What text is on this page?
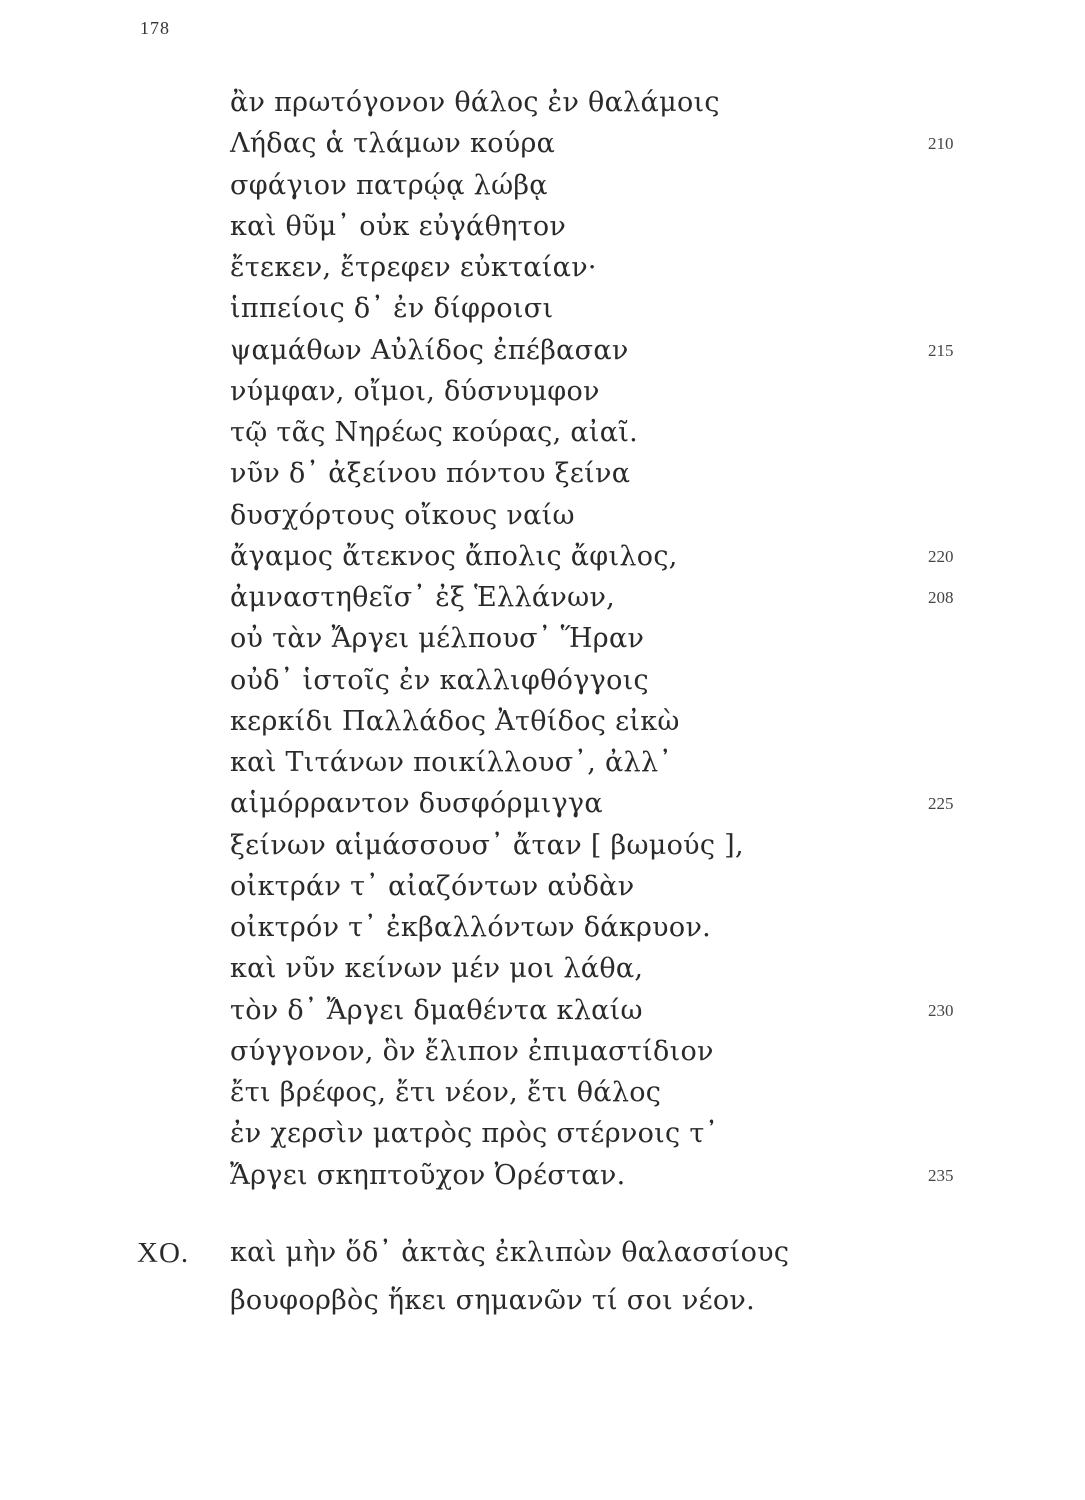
178
ἂν πρωτόγονον θάλος ἐν θαλάμοις
Λήδας ἁ τλάμων κούρα	210
σφάγιον πατρῴᾳ λώβᾳ
καὶ θῦμ᾽ οὐκ εὐγάθητον
ἔτεκεν, ἔτρεφεν εὐκταίαν·
ἱππείοις δ᾽ ἐν δίφροισι
ψαμάθων Αὐλίδος ἐπέβασαν	215
νύμφαν, οἴμοι, δύσνυμφον
τῷ τᾶς Νηρέως κούρας, αἰαῖ.
νῦν δ᾽ ἀξείνου πόντου ξείνα
δυσχόρτους οἴκους ναίω
ἄγαμος ἄτεκνος ἄπολις ἄφιλος,	220
ἀμναστηθεῖσ᾽ ἐξ Ἑλλάνων,	208
οὐ τὰν Ἄργει μέλπουσ᾽ Ἥραν
οὐδ᾽ ἱστοῖς ἐν καλλιφθόγγοις
κερκίδι Παλλάδος Ἀτθίδος εἰκὼ
καὶ Τιτάνων ποικίλλουσ᾽, ἀλλ᾽
αἱμόρραντον δυσφόρμιγγα	225
ξείνων αἱμάσσουσ᾽ ἄταν [ βωμούς ],
οἰκτράν τ᾽ αἰαζόντων αὐδὰν
οἰκτρόν τ᾽ ἐκβαλλόντων δάκρυον.
καὶ νῦν κείνων μέν μοι λάθα,
τὸν δ᾽ Ἄργει δμαθέντα κλαίω	230
σύγγονον, ὃν ἔλιπον ἐπιμαστίδιον
ἔτι βρέφος, ἔτι νέον, ἔτι θάλος
ἐν χερσὶν ματρὸς πρὸς στέρνοις τ᾽
Ἄργει σκηπτοῦχον Ὀρέσταν.	235
ΧΟ. καὶ μὴν ὅδ᾽ ἀκτὰς ἐκλιπὼν θαλασσίους
βουφορβὸς ἥκει σημανῶν τί σοι νέον.
